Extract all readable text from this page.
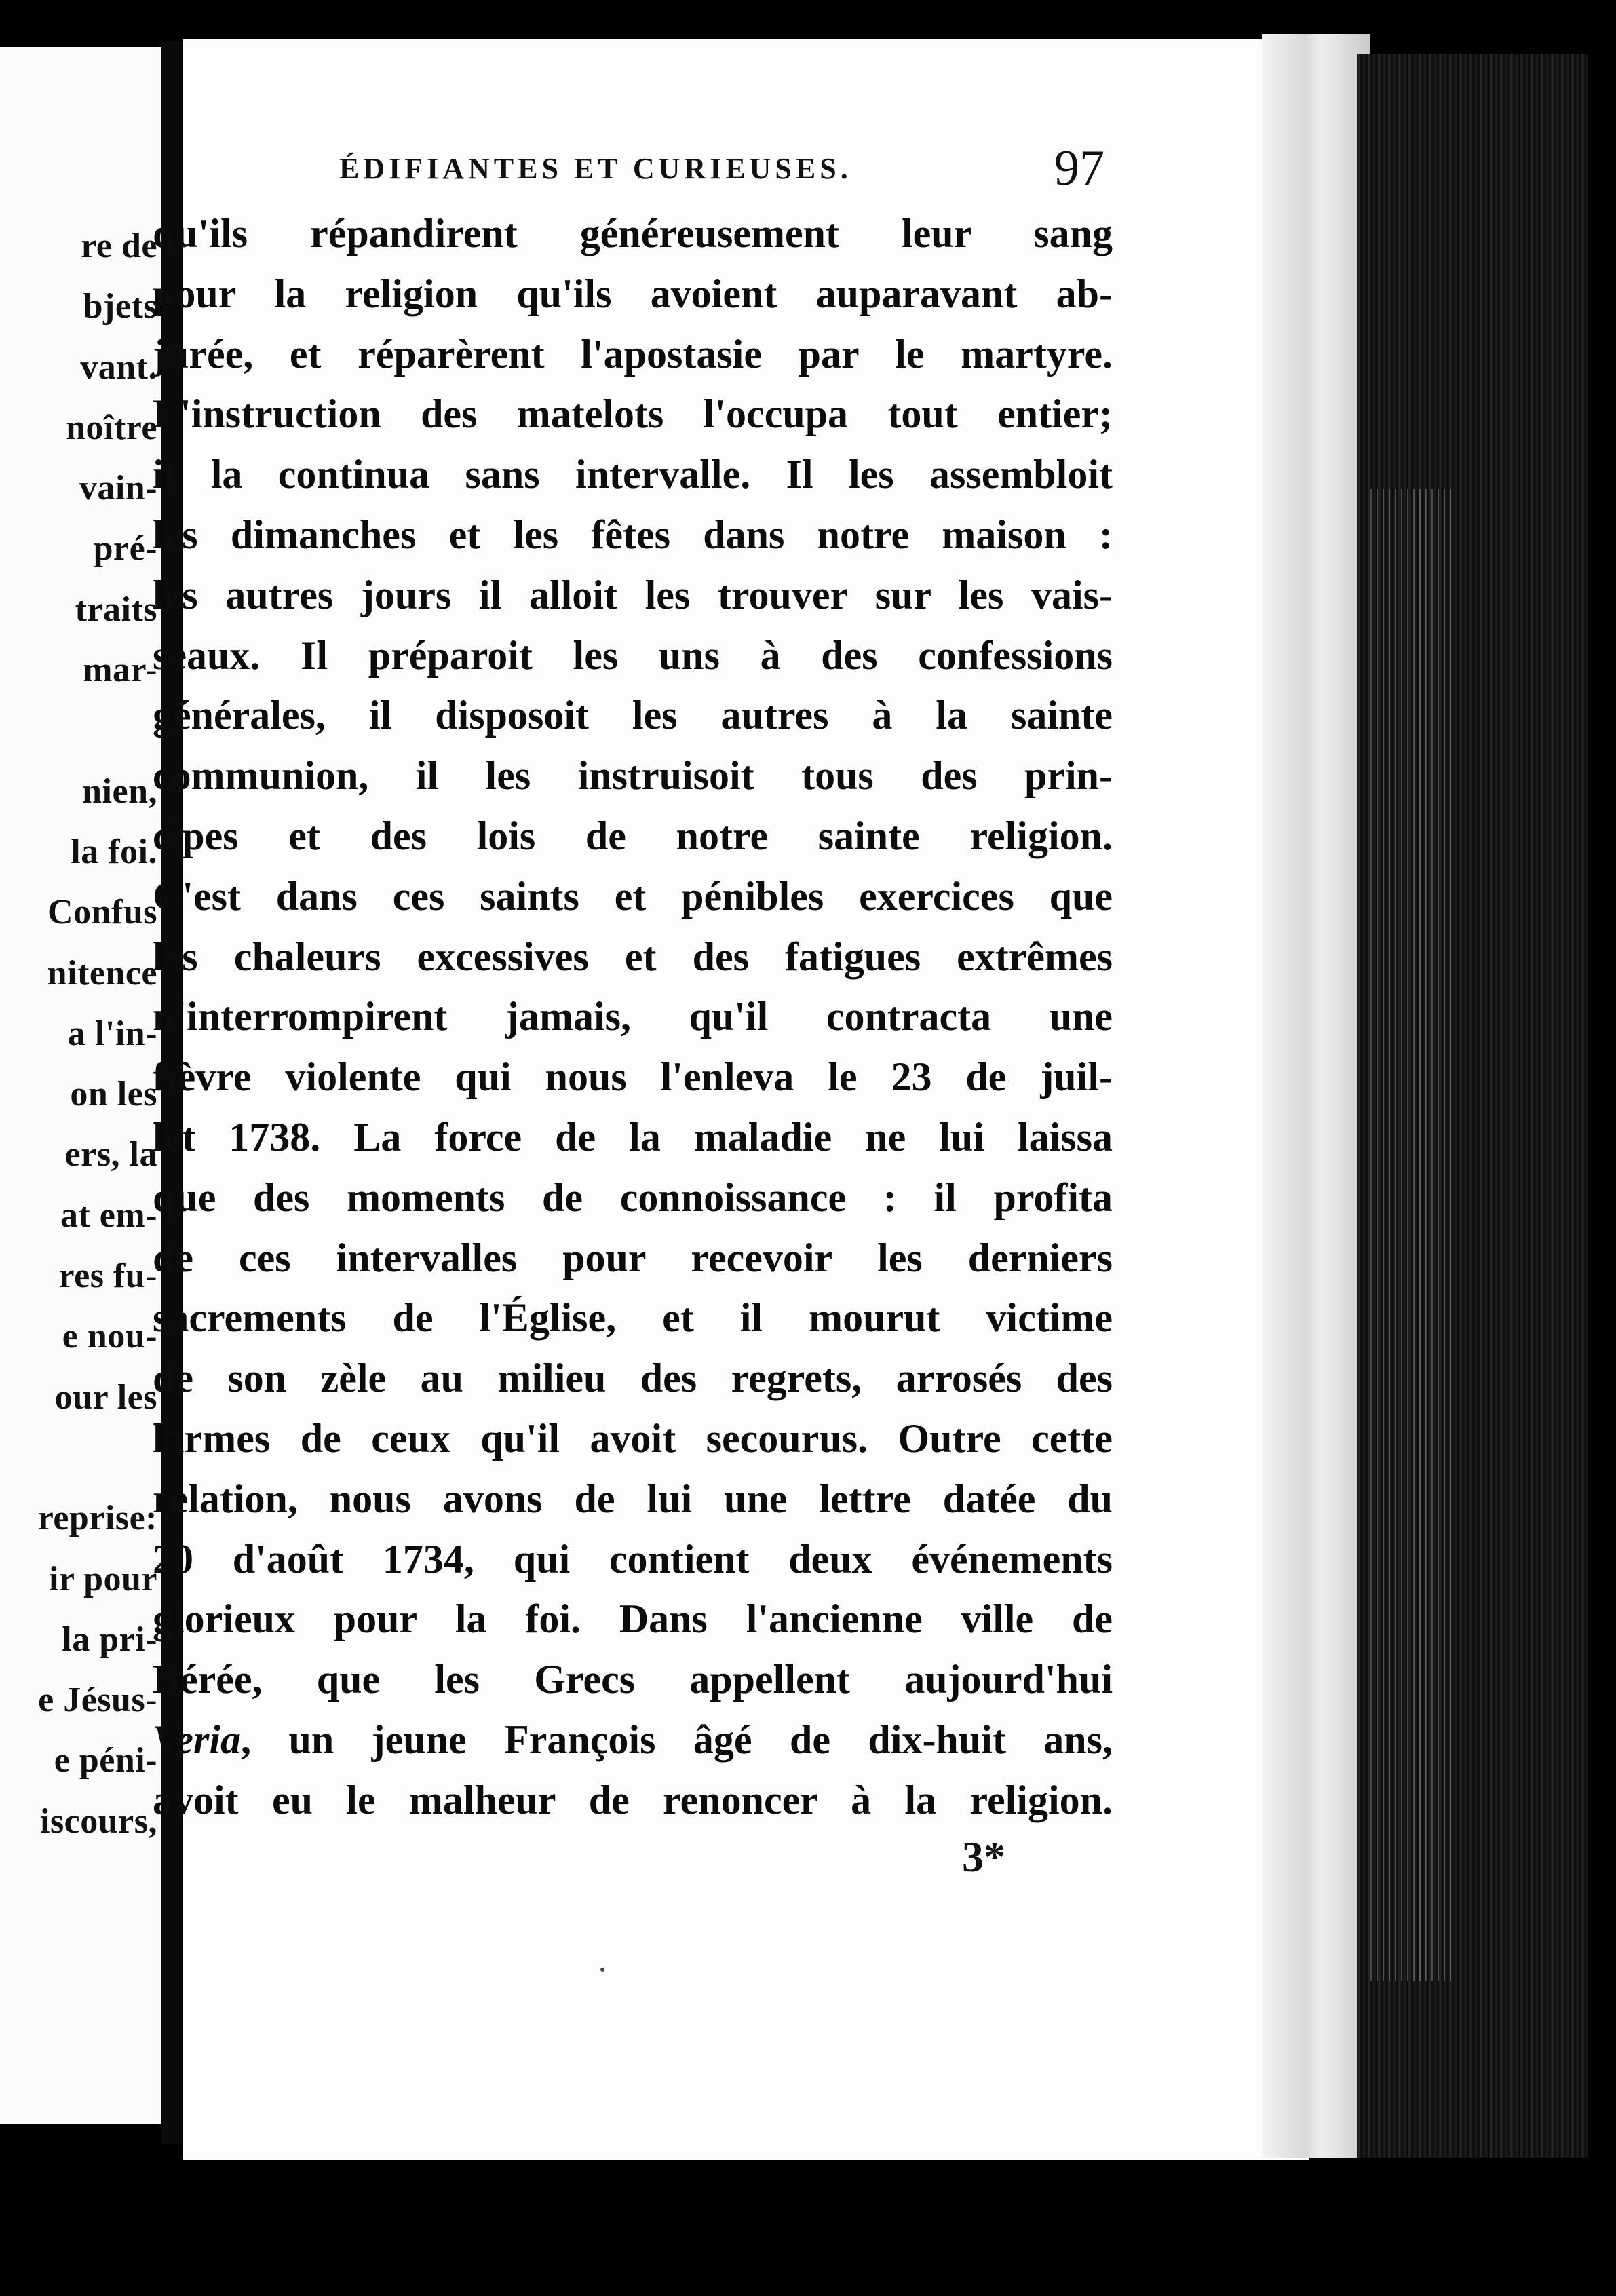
re de
bjets
vant.
noître
vain-
pré-
traits
mar-
nien,
la foi.
Confus
nitence
a l'in-
on les
ers, la
at em-
res fu-
e nou-
our les
reprise:
ir pour
la pri-
e Jésus-
e péni-
iscours,
ÉDIFIANTES ET CURIEUSES.	97
qu'ils répandirent généreusement leur sang
pour la religion qu'ils avoient auparavant ab-
jurée, et réparèrent l'apostasie par le martyre.
L'instruction des matelots l'occupa tout entier;
il la continua sans intervalle. Il les assembloit
les dimanches et les fêtes dans notre maison :
les autres jours il alloit les trouver sur les vais-
seaux. Il préparoit les uns à des confessions
générales, il disposoit les autres à la sainte
communion, il les instruisoit tous des prin-
cipes et des lois de notre sainte religion.
C'est dans ces saints et pénibles exercices que
les chaleurs excessives et des fatigues extrêmes
n'interrompirent jamais, qu'il contracta une
fièvre violente qui nous l'enleva le 23 de juil-
let 1738. La force de la maladie ne lui laissa
que des moments de connoissance : il profita
de ces intervalles pour recevoir les derniers
sacrements de l'Église, et il mourut victime
de son zèle au milieu des regrets, arrosés des
larmes de ceux qu'il avoit secourus. Outre cette
relation, nous avons de lui une lettre datée du
20 d'août 1734, qui contient deux événements
glorieux pour la foi. Dans l'ancienne ville de
Bérée, que les Grecs appellent aujourd'hui
Veria, un jeune François âgé de dix-huit ans,
avoit eu le malheur de renoncer à la religion.
3*
